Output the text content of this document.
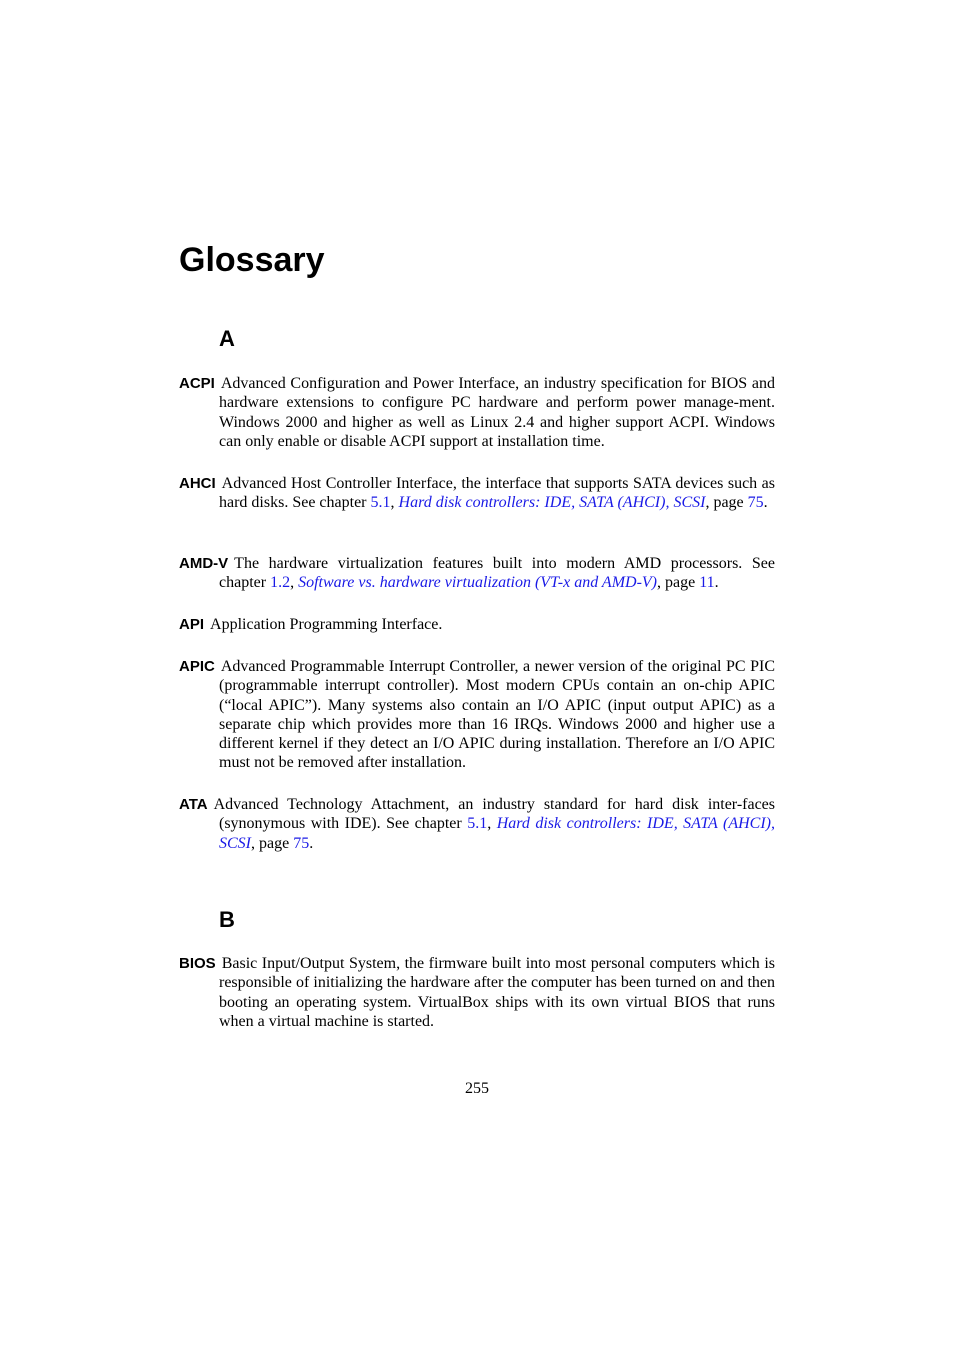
Glossary
A

ACPI Advanced Configuration and Power Interface, an industry specification for BIOS and hardware extensions to configure PC hardware and perform power manage-ment. Windows 2000 and higher as well as Linux 2.4 and higher support ACPI. Windows can only enable or disable ACPI support at installation time.

AHCI Advanced Host Controller Interface, the interface that supports SATA devices such as hard disks. See chapter 5.1, Hard disk controllers: IDE, SATA (AHCI), SCSI, page 75.

AMD-V The hardware virtualization features built into modern AMD processors. See chapter 1.2, Software vs. hardware virtualization (VT-x and AMD-V), page 11.

API Application Programming Interface.

APIC Advanced Programmable Interrupt Controller, a newer version of the original PC PIC (programmable interrupt controller). Most modern CPUs contain an on-chip APIC (“local APIC”). Many systems also contain an I/O APIC (input output APIC) as a separate chip which provides more than 16 IRQs. Windows 2000 and higher use a different kernel if they detect an I/O APIC during installation. Therefore an I/O APIC must not be removed after installation.

ATA Advanced Technology Attachment, an industry standard for hard disk inter-faces (synonymous with IDE). See chapter 5.1, Hard disk controllers: IDE, SATA (AHCI), SCSI, page 75.

B

BIOS Basic Input/Output System, the firmware built into most personal computers which is responsible of initializing the hardware after the computer has been turned on and then booting an operating system. VirtualBox ships with its own virtual BIOS that runs when a virtual machine is started.

255
